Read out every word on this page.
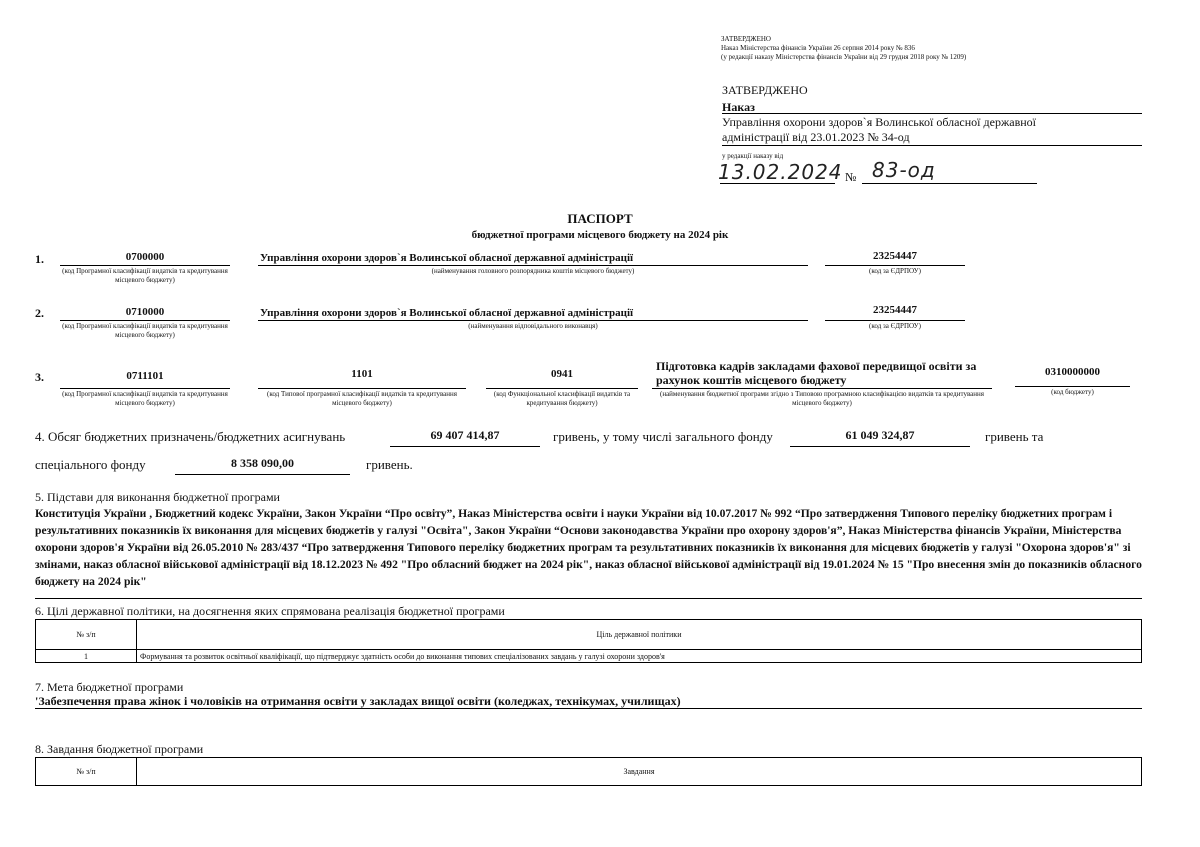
ЗАТВЕРДЖЕНО
Наказ Міністерства фінансів України 26 серпня 2014 року № 836
(у редакції наказу Міністерства фінансів України від 29 грудня 2018 року № 1209)
ЗАТВЕРДЖЕНО
Наказ
Управління охорони здоров`я Волинської обласної державної
адміністрації від 23.01.2023 № 34-од
у редакції наказу від
13.02.2024 № 83-од
ПАСПОРТ
бюджетної програми місцевого бюджету на 2024 рік
1.	0700000
(код Програмної класифікації видатків та кредитування місцевого бюджету)
Управління охорони здоров`я Волинської обласної державної адміністрації
(найменування головного розпорядника коштів місцевого бюджету)
23254447
(код за ЄДРПОУ)
2.	0710000
(код Програмної класифікації видатків та кредитування місцевого бюджету)
Управління охорони здоров`я Волинської обласної державної адміністрації
(найменування відповідального виконавця)
23254447
(код за ЄДРПОУ)
3.	0711101
(код Програмної класифікації видатків та кредитування місцевого бюджету)
1101
(код Типової програмної класифікації видатків та кредитування місцевого бюджету)
0941
(код Функціональної класифікації видатків та кредитування бюджету)
Підготовка кадрів закладами фахової передвищої освіти за рахунок коштів місцевого бюджету
(найменування бюджетної програми згідно з Типовою програмною класифікацією видатків та кредитування місцевого бюджету)
0310000000
(код бюджету)
4. Обсяг бюджетних призначень/бюджетних асигнувань	69 407 414,87	гривень, у тому числі загального фонду	61 049 324,87	гривень та
спеціального фонду	8 358 090,00	гривень.
5. Підстави для виконання бюджетної програми
Конституція України , Бюджетний кодекс України, Закон України “Про освіту”, Наказ Міністерства освіти і науки України від 10.07.2017 № 992 “Про затвердження Типового переліку бюджетних програм і результативних показників їх виконання для місцевих бюджетів у галузі "Освіта", Закон України “Основи законодавства України про охорону здоров'я”, Наказ Міністерства фінансів України, Міністерства охорони здоров'я України від 26.05.2010 № 283/437 “Про затвердження Типового переліку бюджетних програм та результативних показників їх виконання для місцевих бюджетів у галузі "Охорона здоров'я" зі змінами, наказ обласної військової адміністрації від 18.12.2023 № 492 "Про обласний бюджет на 2024 рік", наказ обласної військової адміністрації від 19.01.2024 № 15 "Про внесення змін до показників обласного бюджету на 2024 рік"
6. Цілі державної політики, на досягнення яких спрямована реалізація бюджетної програми
№ з/п	Ціль державної політики
1	Формування та розвиток освітньої кваліфікації, що підтверджує здатність особи до виконання типових спеціалізованих завдань у галузі охорони здоров'я
7. Мета бюджетної програми
'Забезпечення права жінок і чоловіків на отримання освіти у закладах вищої освіти (коледжах, технікумах, училищах)
8. Завдання бюджетної програми
№ з/п	Завдання
